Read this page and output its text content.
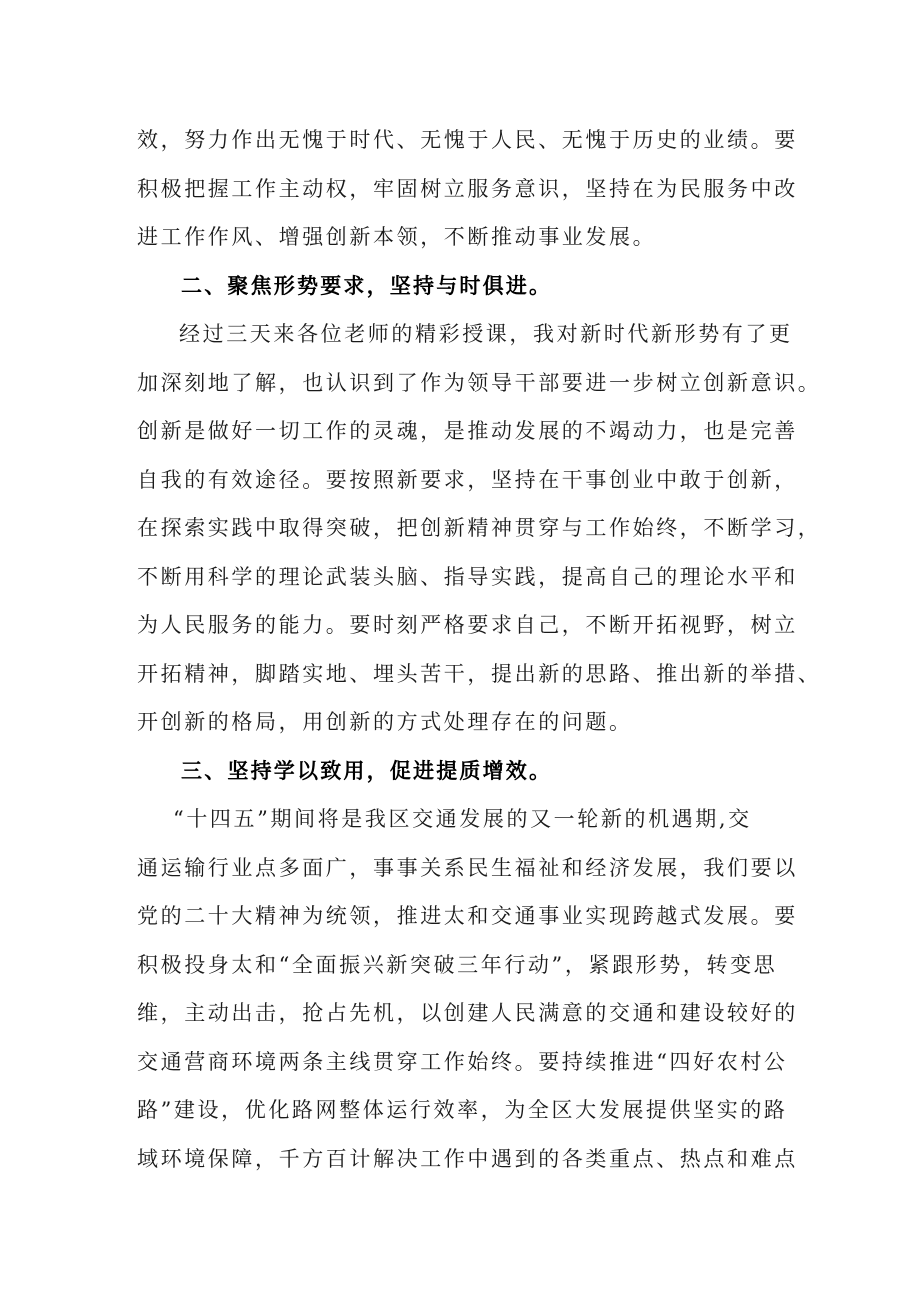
效，努力作出无愧于时代、无愧于人民、无愧于历史的业绩。要
积极把握工作主动权，牢固树立服务意识，坚持在为民服务中改
进工作作风、增强创新本领，不断推动事业发展。
二、聚焦形势要求，坚持与时俱进。
经过三天来各位老师的精彩授课，我对新时代新形势有了更
加深刻地了解，也认识到了作为领导干部要进一步树立创新意识。
创新是做好一切工作的灵魂，是推动发展的不竭动力，也是完善
自我的有效途径。要按照新要求，坚持在干事创业中敢于创新，
在探索实践中取得突破，把创新精神贯穿与工作始终，不断学习，
不断用科学的理论武装头脑、指导实践，提高自己的理论水平和
为人民服务的能力。要时刻严格要求自己，不断开拓视野，树立
开拓精神，脚踏实地、埋头苦干，提出新的思路、推出新的举措、
开创新的格局，用创新的方式处理存在的问题。
三、坚持学以致用，促进提质增效。
“十四五”期间将是我区交通发展的又一轮新的机遇期,交
通运输行业点多面广，事事关系民生福祉和经济发展，我们要以
党的二十大精神为统领，推进太和交通事业实现跨越式发展。要
积极投身太和“全面振兴新突破三年行动”，紧跟形势，转变思
维，主动出击，抢占先机，以创建人民满意的交通和建设较好的
交通营商环境两条主线贯穿工作始终。要持续推进“四好农村公
路”建设，优化路网整体运行效率，为全区大发展提供坚实的路
域环境保障，千方百计解决工作中遇到的各类重点、热点和难点
